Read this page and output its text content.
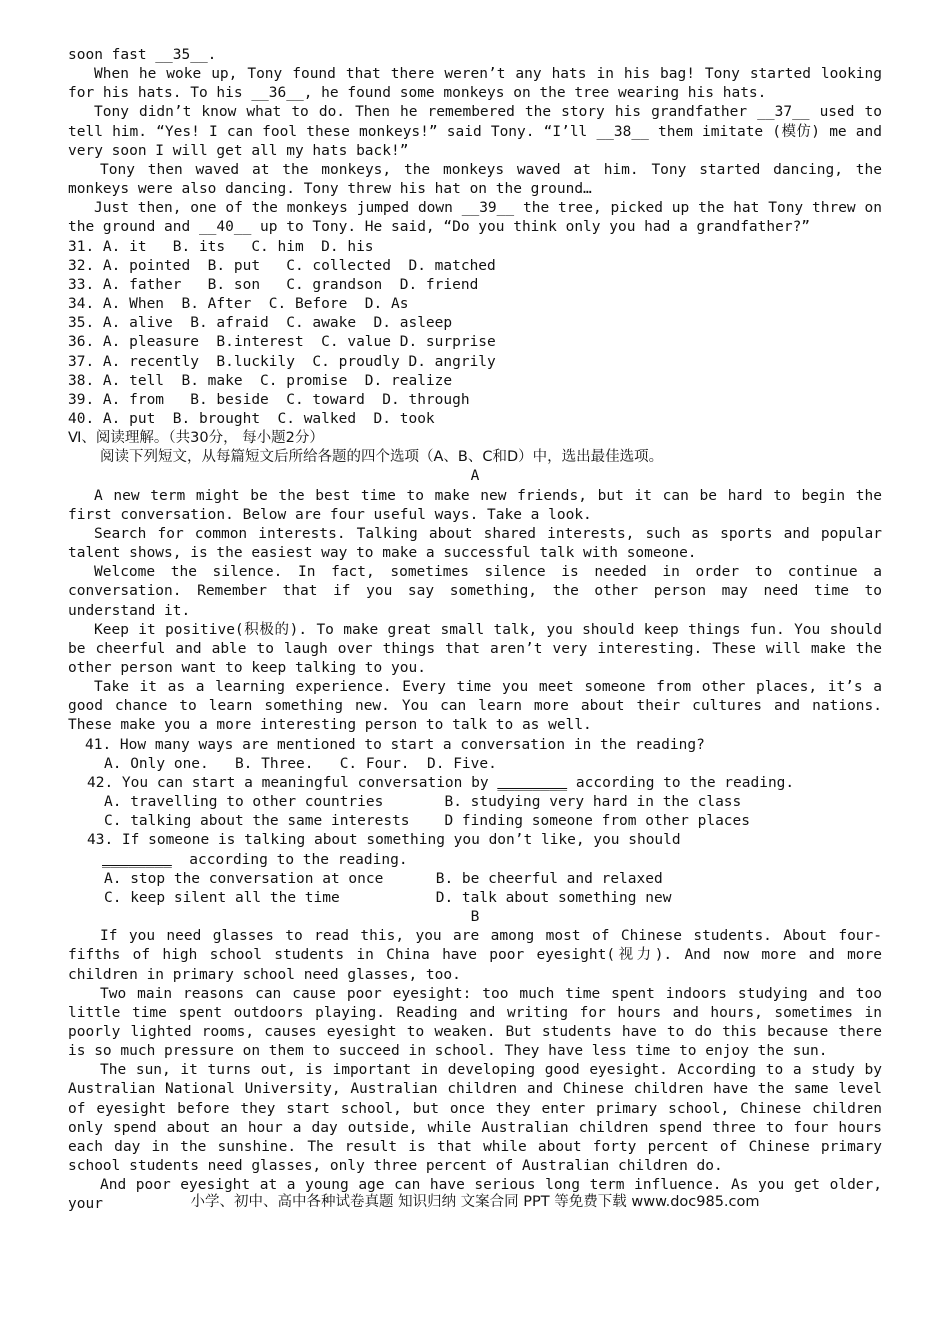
soon fast __35__.

When he woke up, Tony found that there weren’t any hats in his bag! Tony started looking for his hats. To his __36__, he found some monkeys on the tree wearing his hats.

Tony didn’t know what to do. Then he remembered the story his grandfather __37__ used to tell him. “Yes! I can fool these monkeys!” said Tony. “I’ll __38__ them imitate (模仿) me and very soon I will get all my hats back!”

Tony then waved at the monkeys, the monkeys waved at him. Tony started dancing, the monkeys were also dancing. Tony threw his hat on the ground…

Just then, one of the monkeys jumped down __39__ the tree, picked up the hat Tony threw on the ground and __40__ up to Tony. He said, “Do you think only you had a grandfather?”

31. A. it   B. its   C. him  D. his

32. A. pointed  B. put   C. collected  D. matched

33. A. father   B. son   C. grandson  D. friend

34. A. When  B. After  C. Before  D. As

35. A. alive  B. afraid  C. awake  D. asleep

36. A. pleasure  B.interest  C. value D. surprise

37. A. recently  B.luckily  C. proudly D. angrily

38. A. tell  B. make  C. promise  D. realize

39. A. from   B. beside  C. toward  D. through

40. A. put  B. brought  C. walked  D. took

Ⅵ、阅读理解。（共30分， 每小题2分）

阅读下列短文，从每篇短文后所给各题的四个选项（A、B、C和D）中，选出最佳选项。

A

A new term might be the best time to make new friends, but it can be hard to begin the first conversation. Below are four useful ways. Take a look.

Search for common interests. Talking about shared interests, such as sports and popular talent shows, is the easiest way to make a successful talk with someone.

Welcome the silence. In fact, sometimes silence is needed in order to continue a conversation. Remember that if you say something, the other person may need time to understand it.

Keep it positive(积极的). To make great small talk, you should keep things fun. You should be cheerful and able to laugh over things that aren’t very interesting. These will make the other person want to keep talking to you.

Take it as a learning experience. Every time you meet someone from other places, it’s a good chance to learn something new. You can learn more about their cultures and nations. These make you a more interesting person to talk to as well.

41. How many ways are mentioned to start a conversation in the reading?

A. Only one.   B. Three.   C. Four.  D. Five.

42. You can start a meaningful conversation by ________ according to the reading.

A. travelling to other countries       B. studying very hard in the class

C. talking about the same interests    D finding someone from other places

43. If someone is talking about something you don’t like, you should

________  according to the reading.

A. stop the conversation at once      B. be cheerful and relaxed

C. keep silent all the time           D. talk about something new

B

If you need glasses to read this, you are among most of Chinese students. About four-fifths of high school students in China have poor eyesight(视力). And now more and more children in primary school need glasses, too.

Two main reasons can cause poor eyesight: too much time spent indoors studying and too little time spent outdoors playing. Reading and writing for hours and hours, sometimes in poorly lighted rooms, causes eyesight to weaken. But students have to do this because there is so much pressure on them to succeed in school. They have less time to enjoy the sun.

The sun, it turns out, is important in developing good eyesight. According to a study by Australian National University, Australian children and Chinese children have the same level of eyesight before they start school, but once they enter primary school, Chinese children only spend about an hour a day outside, while Australian children spend three to four hours each day in the sunshine. The result is that while about forty percent of Chinese primary school students need glasses, only three percent of Australian children do.

And poor eyesight at a young age can have serious long term influence. As you get older, your	小学、初中、高中各种试卷真题 知识归纳 文案合同 PPT 等免费下载 www.doc985.com
